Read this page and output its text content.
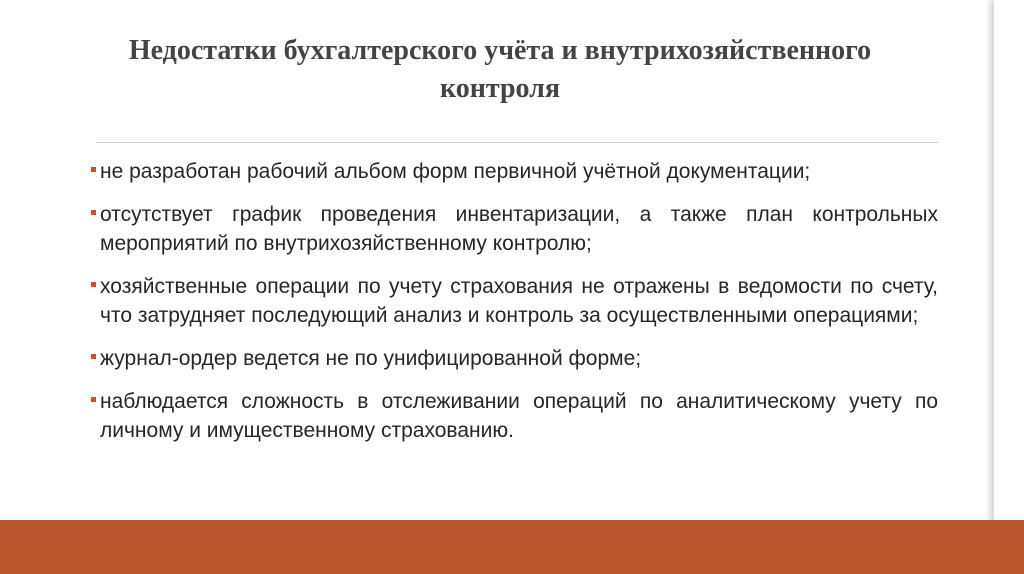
Недостатки бухгалтерского учёта и внутрихозяйственного контроля
не разработан рабочий альбом форм первичной учётной документации;
отсутствует график проведения инвентаризации, а также план контрольных мероприятий по внутрихозяйственному контролю;
хозяйственные операции по учету страхования не отражены в ведомости по счету, что затрудняет последующий анализ и контроль за осуществленными операциями;
журнал-ордер ведется не по унифицированной форме;
наблюдается сложность в отслеживании операций по аналитическому учету по личному и имущественному страхованию.
